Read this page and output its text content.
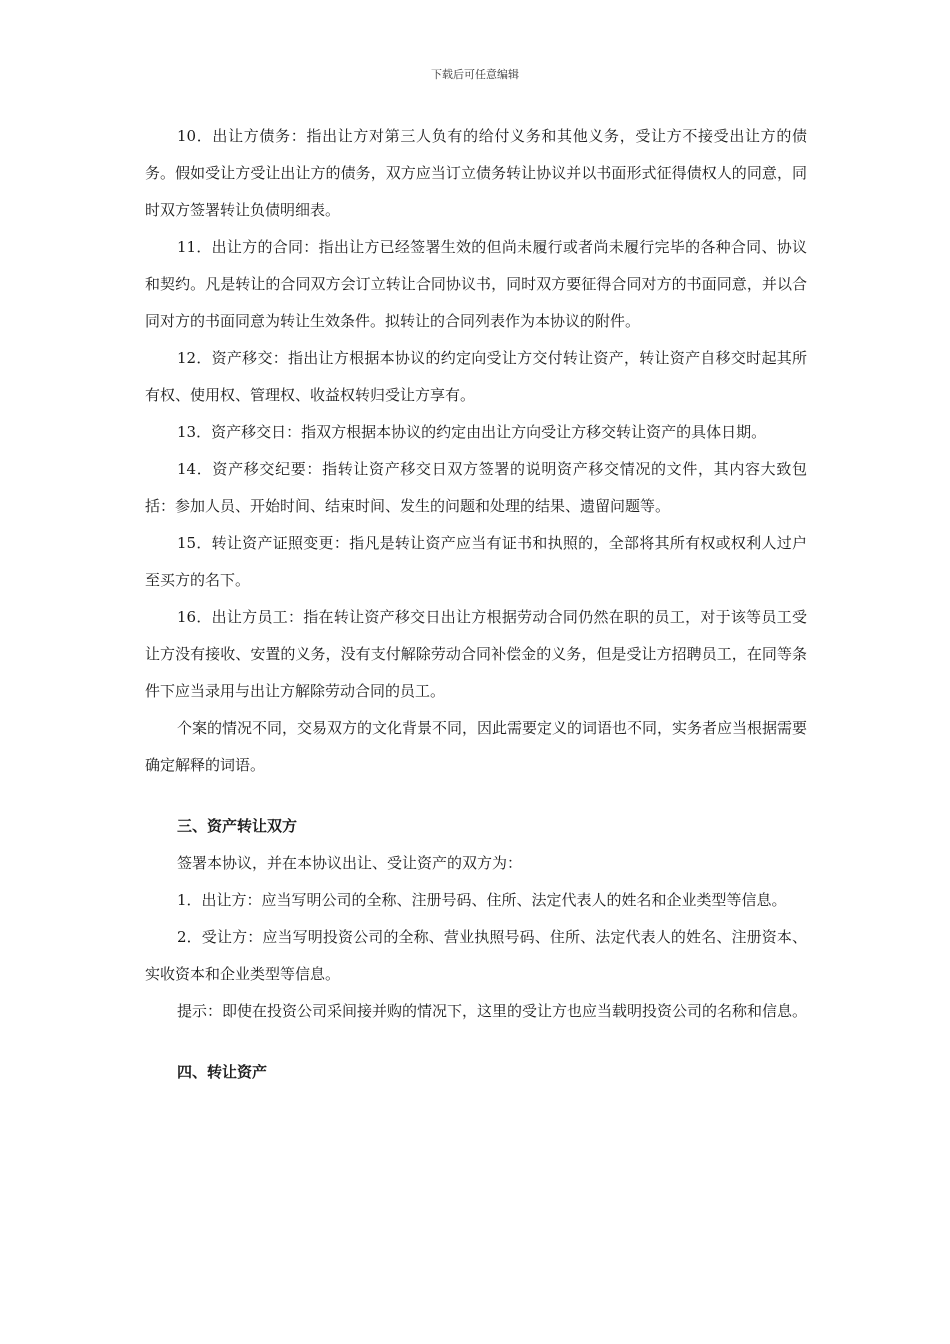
下载后可任意编辑

10．出让方债务：指出让方对第三人负有的给付义务和其他义务，受让方不接受出让方的债务。假如受让方受让出让方的债务，双方应当订立债务转让协议并以书面形式征得债权人的同意，同时双方签署转让负债明细表。

11．出让方的合同：指出让方已经签署生效的但尚未履行或者尚未履行完毕的各种合同、协议和契约。凡是转让的合同双方会订立转让合同协议书，同时双方要征得合同对方的书面同意，并以合同对方的书面同意为转让生效条件。拟转让的合同列表作为本协议的附件。

12．资产移交：指出让方根据本协议的约定向受让方交付转让资产，转让资产自移交时起其所有权、使用权、管理权、收益权转归受让方享有。

13．资产移交日：指双方根据本协议的约定由出让方向受让方移交转让资产的具体日期。

14．资产移交纪要：指转让资产移交日双方签署的说明资产移交情况的文件，其内容大致包括：参加人员、开始时间、结束时间、发生的问题和处理的结果、遗留问题等。

15．转让资产证照变更：指凡是转让资产应当有证书和执照的，全部将其所有权或权利人过户至买方的名下。

16．出让方员工：指在转让资产移交日出让方根据劳动合同仍然在职的员工，对于该等员工受让方没有接收、安置的义务，没有支付解除劳动合同补偿金的义务，但是受让方招聘员工，在同等条件下应当录用与出让方解除劳动合同的员工。

个案的情况不同，交易双方的文化背景不同，因此需要定义的词语也不同，实务者应当根据需要确定解释的词语。

三、资产转让双方

签署本协议，并在本协议出让、受让资产的双方为：

1．出让方：应当写明公司的全称、注册号码、住所、法定代表人的姓名和企业类型等信息。

2．受让方：应当写明投资公司的全称、营业执照号码、住所、法定代表人的姓名、注册资本、实收资本和企业类型等信息。

提示：即使在投资公司采间接并购的情况下，这里的受让方也应当载明投资公司的名称和信息。

四、转让资产
